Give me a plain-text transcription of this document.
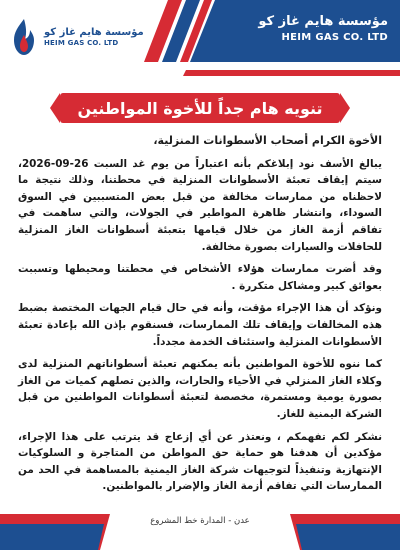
مؤسسة هايم غاز كو
HEIM GAS CO. LTD
مؤسسة هايم غاز كو
HEIM GAS CO. LTD
تنويه هام جداً للأخوة المواطنين

الأخوة الكرام أصحاب الأسطوانات المنزلية،

يبالغ الأسف نود إبلاغكم بأنه اعتباراً من يوم غد السبت 26-09-2026، سيتم إيقاف تعبئة الأسطوانات المنزلية في محطتنا، وذلك نتيجة ما لاحظناه من ممارسات مخالفة من قبل بعض المتسببين في السوق السوداء، وانتشار ظاهرة المواطير في الجولات، والتي ساهمت في تفاقم أزمة الغاز من خلال قيامها بتعبئة أسطوانات الغاز المنزلية للحافلات والسيارات بصورة مخالفة.

وقد أضرت ممارسات هؤلاء الأشخاص في محطتنا ومحيطها وتسببت بعوائق كبير ومشاكل متكررة .

ونؤكد أن هذا الإجراء مؤقت، وأنه في حال قيام الجهات المختصة بضبط هذه المخالفات وإيقاف تلك الممارسات، فسنقوم بإذن الله بإعادة تعبئة الأسطوانات المنزلية واستئناف الخدمة مجدداً.

كما ننوه للأخوة المواطنين بأنه يمكنهم تعبئة أسطواناتهم المنزلية لدى وكلاء الغاز المنزلي في الأحياء والحارات، والذين تصلهم كميات من الغاز بصورة يومية ومستمرة، مخصصة لتعبئة أسطوانات المواطنين من قبل الشركة اليمنية للغاز.

نشكر لكم تفهمكم ، ونعتذر عن أي إزعاج قد يترتب على هذا الإجراء، مؤكدين أن هدفنا هو حماية حق المواطن من المتاجرة و السلوكيات الإنتهازية وتنفيذاً لتوجيهات شركة الغاز اليمنية بالمساهمة في الحد من الممارسات التي تفاقم أزمة الغاز والإضرار بالمواطنين.

عدن - المدارة خط المشروع
